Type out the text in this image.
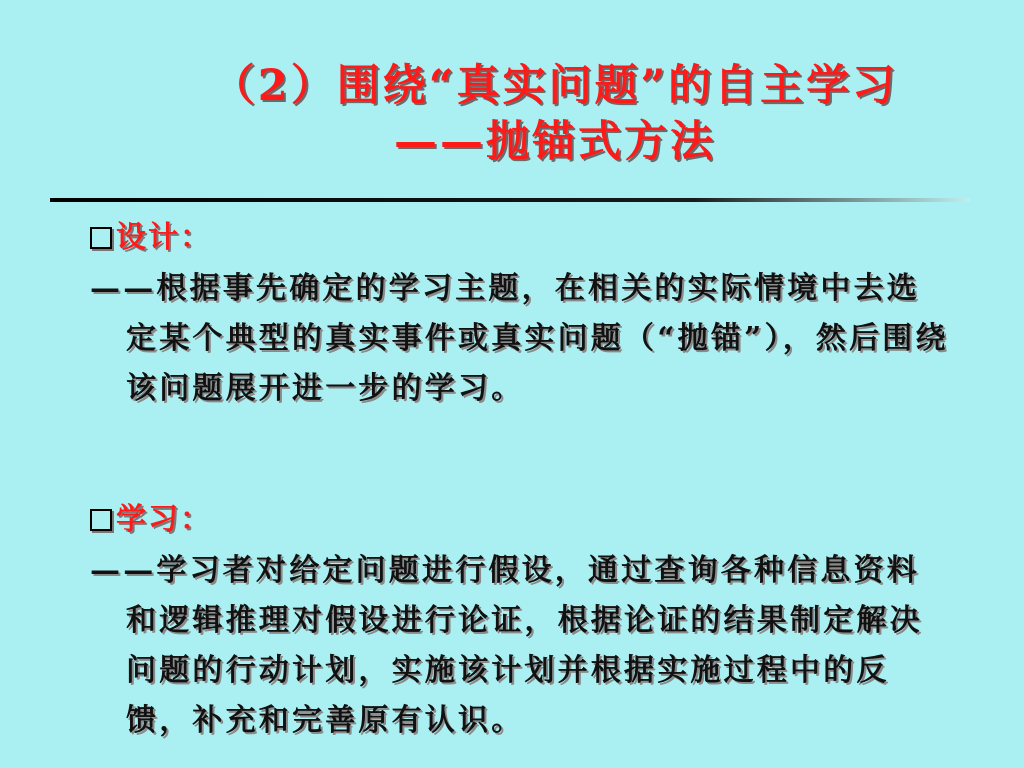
（2）围绕“真实问题”的自主学习
——抛锚式方法
设计：
——根据事先确定的学习主题，在相关的实际情境中去选定某个典型的真实事件或真实问题（“抛锚”），然后围绕该问题展开进一步的学习。
学习：
——学习者对给定问题进行假设，通过查询各种信息资料和逻辑推理对假设进行论证，根据论证的结果制定解决问题的行动计划，实施该计划并根据实施过程中的反馈，补充和完善原有认识。
